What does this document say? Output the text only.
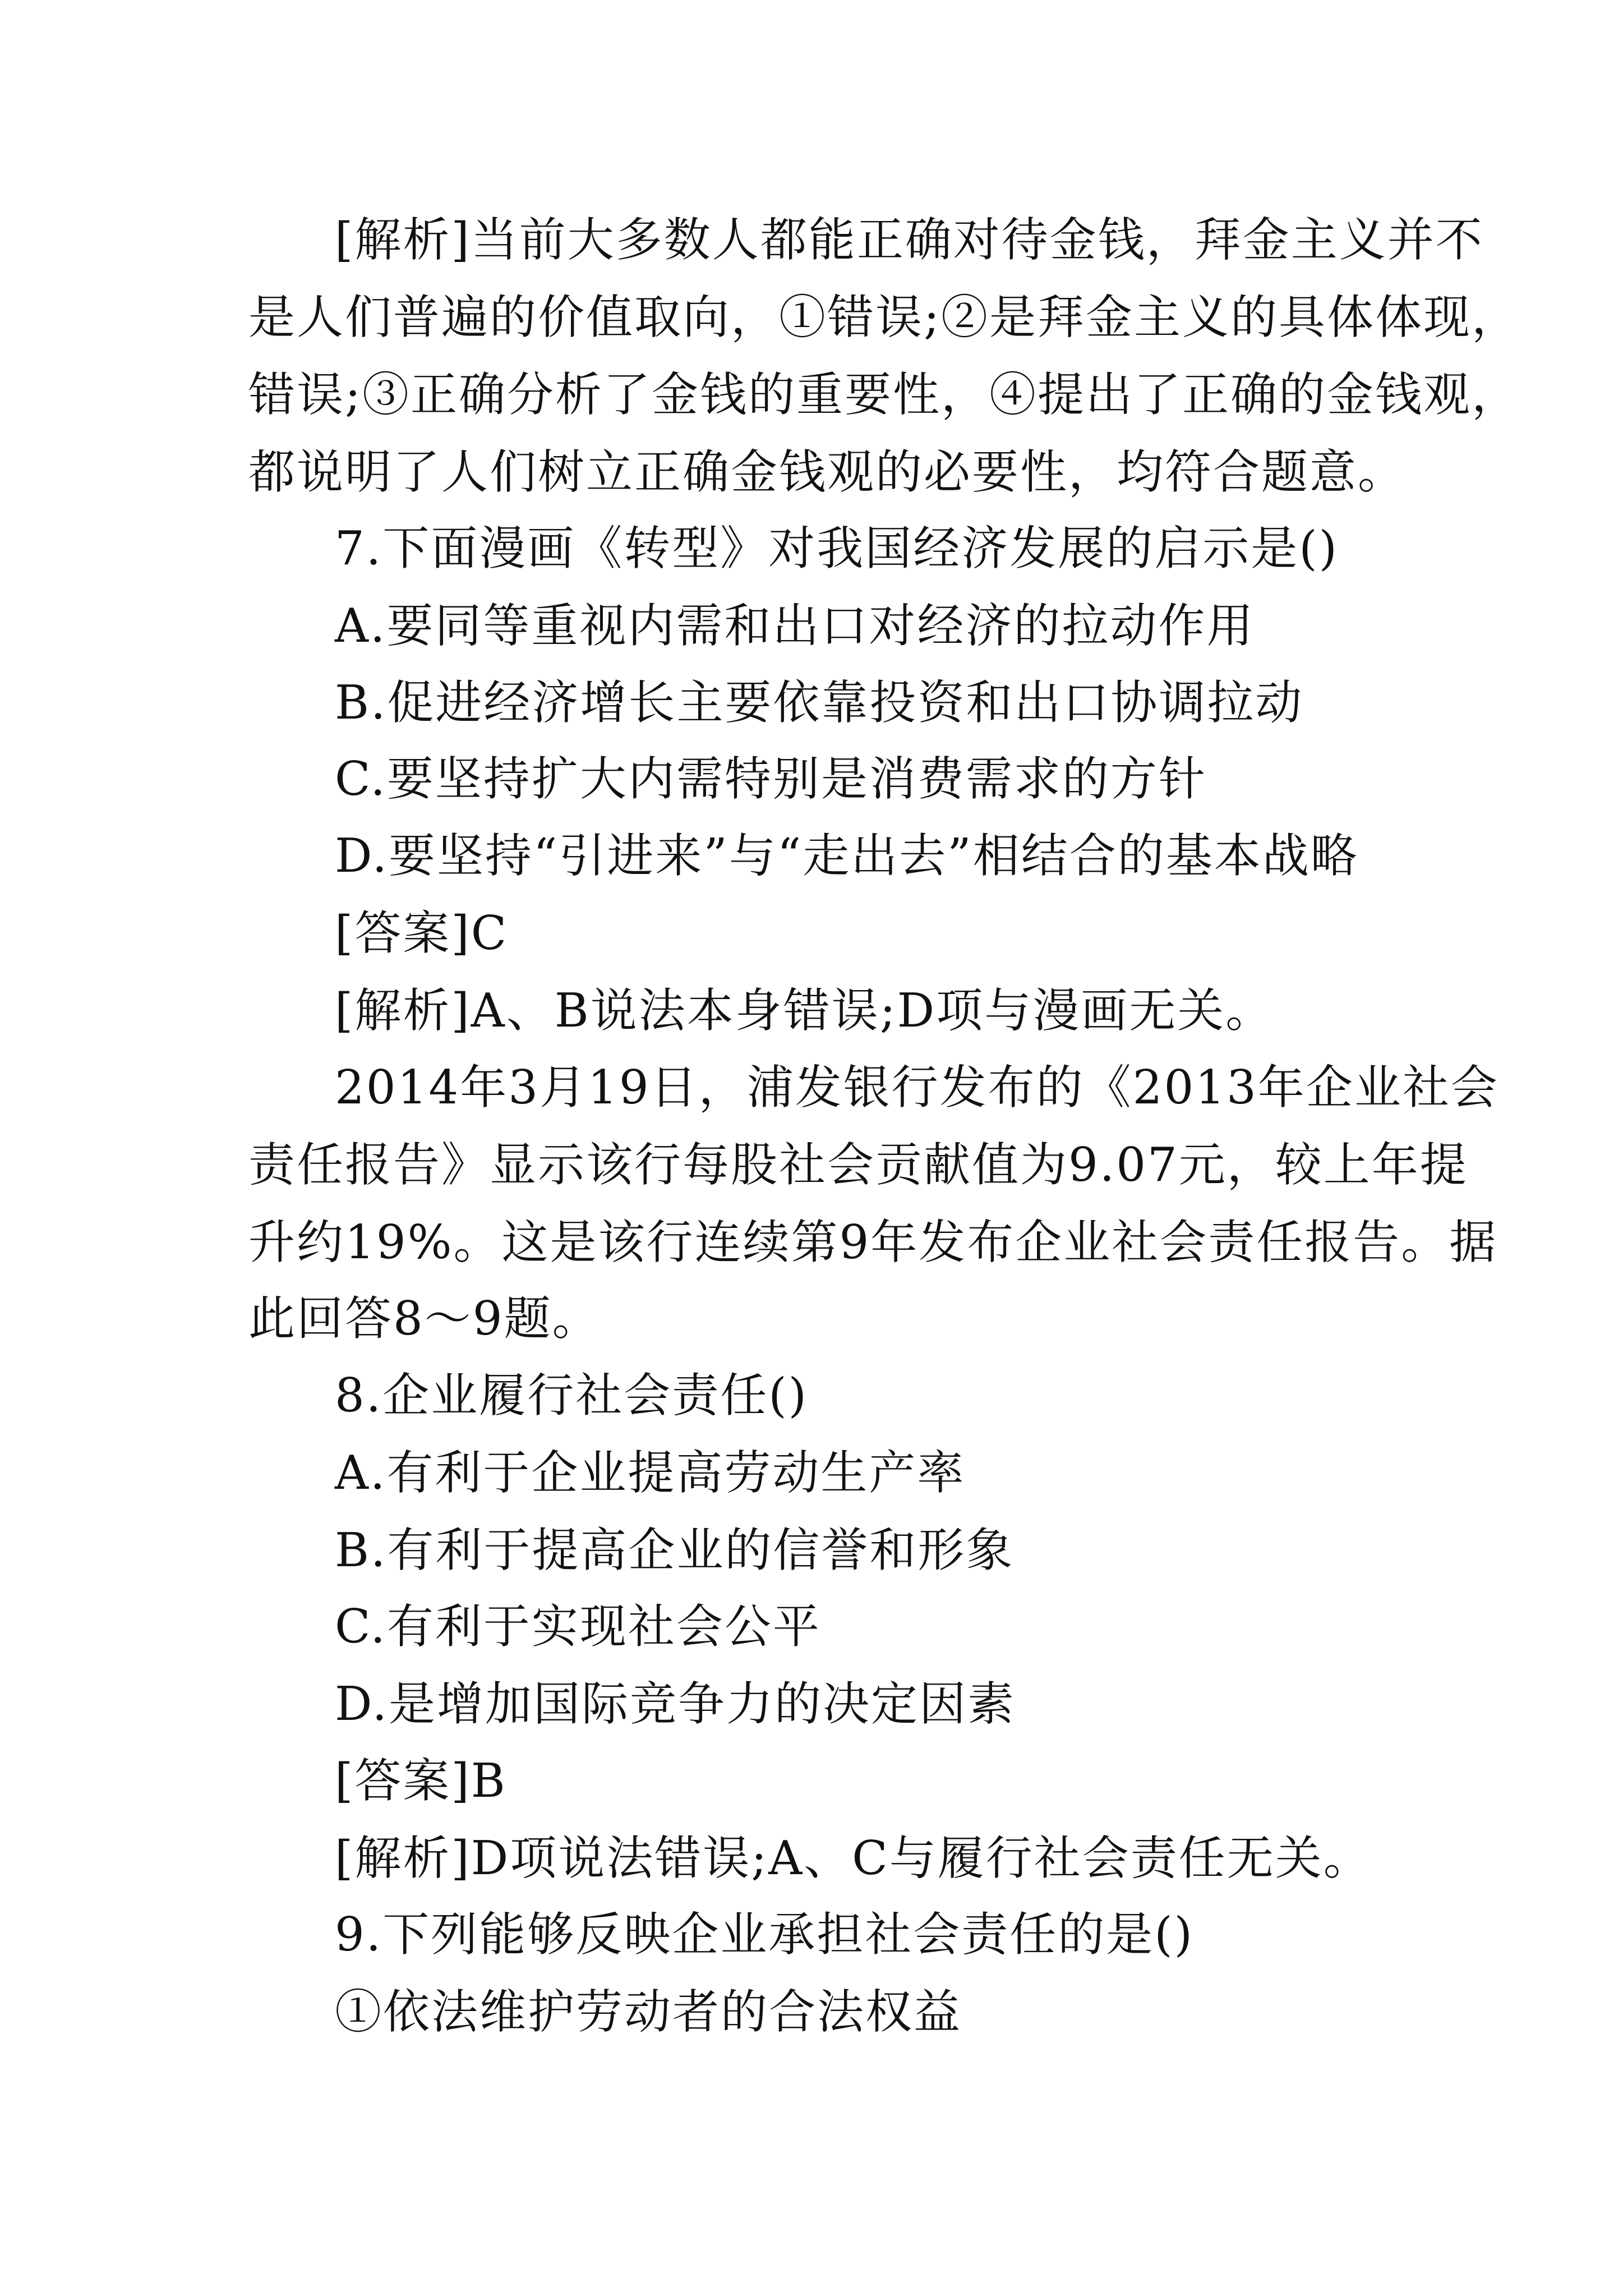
[解析]当前大多数人都能正确对待金钱，拜金主义并不
是人们普遍的价值取向，①错误;②是拜金主义的具体体现，
错误;③正确分析了金钱的重要性，④提出了正确的金钱观，
都说明了人们树立正确金钱观的必要性，均符合题意。
7.下面漫画《转型》对我国经济发展的启示是()
A.要同等重视内需和出口对经济的拉动作用
B.促进经济增长主要依靠投资和出口协调拉动
C.要坚持扩大内需特别是消费需求的方针
D.要坚持“引进来”与“走出去”相结合的基本战略
[答案]C
[解析]A、B说法本身错误;D项与漫画无关。
2014年3月19日，浦发银行发布的《2013年企业社会
责任报告》显示该行每股社会贡献值为9.07元，较上年提
升约19%。这是该行连续第9年发布企业社会责任报告。据
此回答8～9题。
8.企业履行社会责任()
A.有利于企业提高劳动生产率
B.有利于提高企业的信誉和形象
C.有利于实现社会公平
D.是增加国际竞争力的决定因素
[答案]B
[解析]D项说法错误;A、C与履行社会责任无关。
9.下列能够反映企业承担社会责任的是()
①依法维护劳动者的合法权益
